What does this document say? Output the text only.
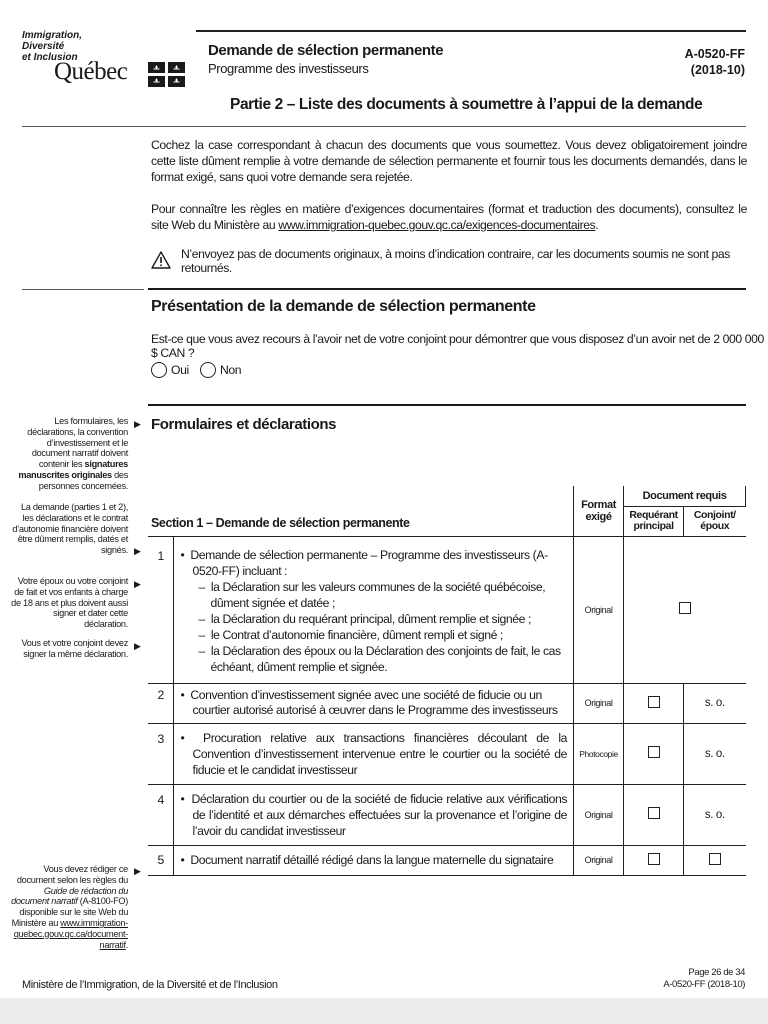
Immigration,
Diversité
et Inclusion
Québec
Demande de sélection permanente
Programme des investisseurs
A-0520-FF
(2018-10)
Partie 2 – Liste des documents à soumettre à l’appui de la demande
Cochez la case correspondant à chacun des documents que vous soumettez. Vous devez obligatoirement joindre cette liste dûment remplie à votre demande de sélection permanente et fournir tous les documents demandés, dans le format exigé, sans quoi votre demande sera rejetée.
Pour connaître les règles en matière d’exigences documentaires (format et traduction des documents), consultez le site Web du Ministère au www.immigration-quebec.gouv.qc.ca/exigences-documentaires.
N’envoyez pas de documents originaux, à moins d’indication contraire, car les documents soumis ne sont pas retournés.
Présentation de la demande de sélection permanente
Est-ce que vous avez recours à l’avoir net de votre conjoint pour démontrer que vous disposez d’un avoir net de 2 000 000 $ CAN ?
Oui	Non
▶ Formulaires et déclarations
Les formulaires, les déclarations, la convention d’investissement et le document narratif doivent contenir les signatures manuscrites originales des personnes concernées.
La demande (parties 1 et 2), les déclarations et le contrat d’autonomie financière doivent être dûment remplis, datés et signés. ▶
Votre époux ou votre conjoint de fait et vos enfants à charge de 18 ans et plus doivent aussi signer et dater cette déclaration.
▶
Vous et votre conjoint devez signer la même déclaration.
▶
Vous devez rédiger ce document selon les règles du Guide de rédaction du document narratif (A-8100-FO) disponible sur le site Web du Ministère au www.immigration-quebec.gouv.qc.ca/document-narratif.
▶
Section 1 – Demande de sélection permanente		Format exigé	Document requis	
			Requérant principal	Conjoint/ époux
1	•  Demande de sélection permanente – Programme des investisseurs (A-0520-FF) incluant :
–  la Déclaration sur les valeurs communes de la société québécoise, dûment signée et datée ;
–  la Déclaration du requérant principal, dûment remplie et signée ;
–  le Contrat d’autonomie financière, dûment rempli et signé ;
–  la Déclaration des époux ou la Déclaration des conjoints de fait, le cas échéant, dûment remplie et signée.	Original		
2	•  Convention d’investissement signée avec une société de fiducie ou un courtier autorisé autorisé à œuvrer dans le Programme des investisseurs	Original		s. o.
3	•  Procuration relative aux transactions financières découlant de la Convention d’investissement intervenue entre le courtier ou la société de fiducie et le candidat investisseur	Photocopie		s. o.
4	•  Déclaration du courtier ou de la société de fiducie relative aux vérifications de l’identité et aux démarches effectuées sur la provenance et l’origine de l’avoir du candidat investisseur	Original		s. o.
5	•  Document narratif détaillé rédigé dans la langue maternelle du signataire	Original		
Ministère de l’Immigration, de la Diversité et de l’Inclusion
Page 26 de 34
A-0520-FF (2018-10)
